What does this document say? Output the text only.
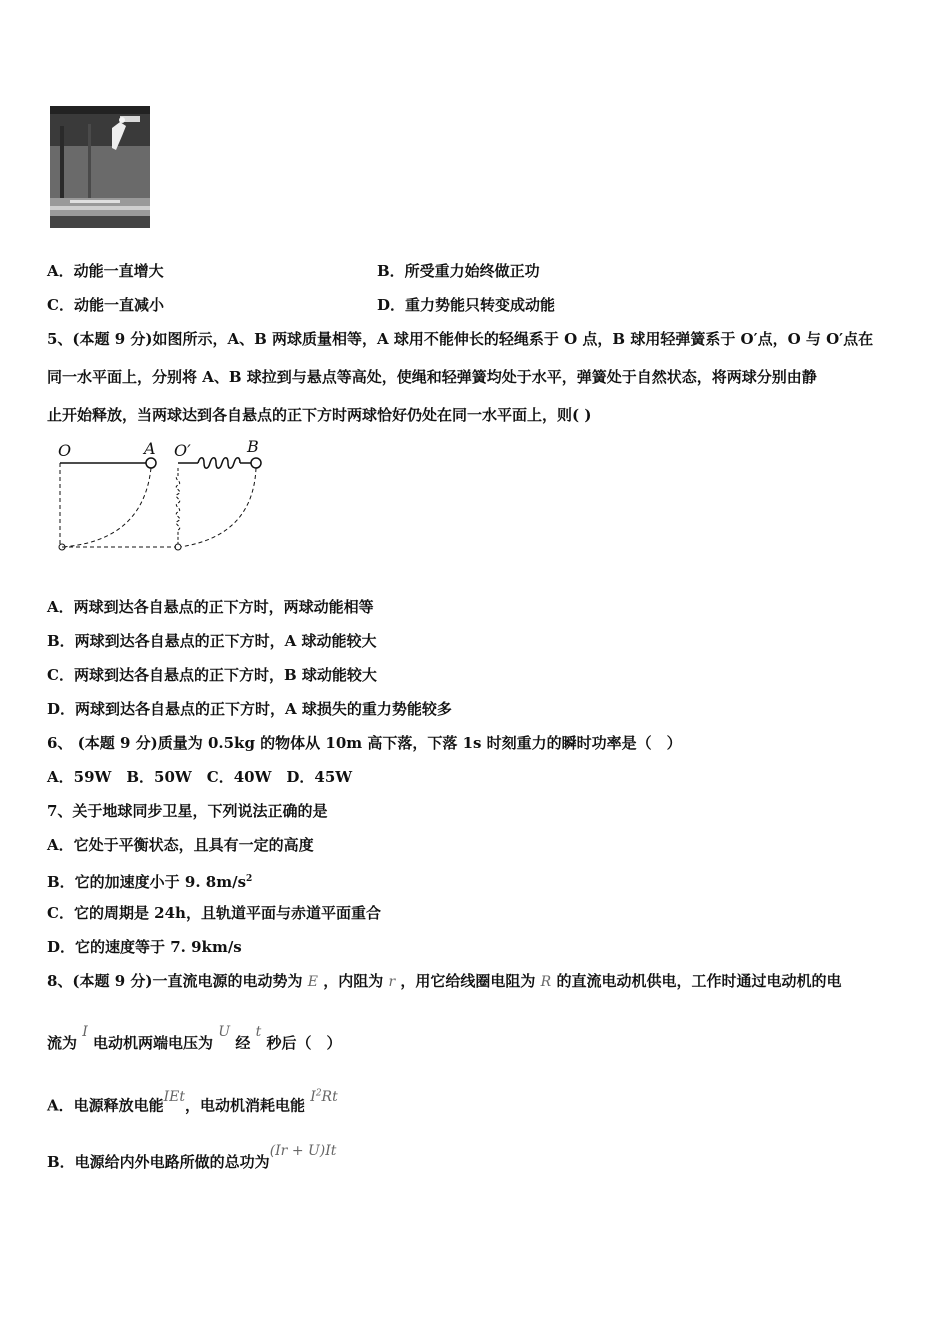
A．动能一直增大	B．所受重力始终做正功
C．动能一直减小	D．重力势能只转变成动能
5、(本题 9 分)如图所示，A、B 两球质量相等，A 球用不能伸长的轻绳系于 O 点，B 球用轻弹簧系于 O′点，O 与 O′点在
同一水平面上，分别将 A、B 球拉到与悬点等高处，使绳和轻弹簧均处于水平，弹簧处于自然状态，将两球分别由静
止开始释放，当两球达到各自悬点的正下方时两球恰好仍处在同一水平面上，则( )
O	A O′	B
A．两球到达各自悬点的正下方时，两球动能相等
B．两球到达各自悬点的正下方时，A 球动能较大
C．两球到达各自悬点的正下方时，B 球动能较大
D．两球到达各自悬点的正下方时，A 球损失的重力势能较多
6、 (本题 9 分)质量为 0.5kg 的物体从 10m 高下落，下落 1s 时刻重力的瞬时功率是（　）
A．59W　B．50W　C．40W　D．45W
7、关于地球同步卫星，下列说法正确的是
A．它处于平衡状态，且具有一定的高度
B．它的加速度小于 9. $8m/s^2$
C．它的周期是 24h，且轨道平面与赤道平面重合
D．它的速度等于 7. 9km/s
8、(本题 9 分)一直流电源的电动势为 E ，内阻为 r ，用它给线圈电阻为 R 的直流电动机供电，工作时通过电动机的电
流为 I 电动机两端电压为 U 经 t 秒后（　）
A．电源释放电能IEt，电动机消耗电能 $I^2Rt$
B．电源给内外电路所做的总功为(Ir + U)It
